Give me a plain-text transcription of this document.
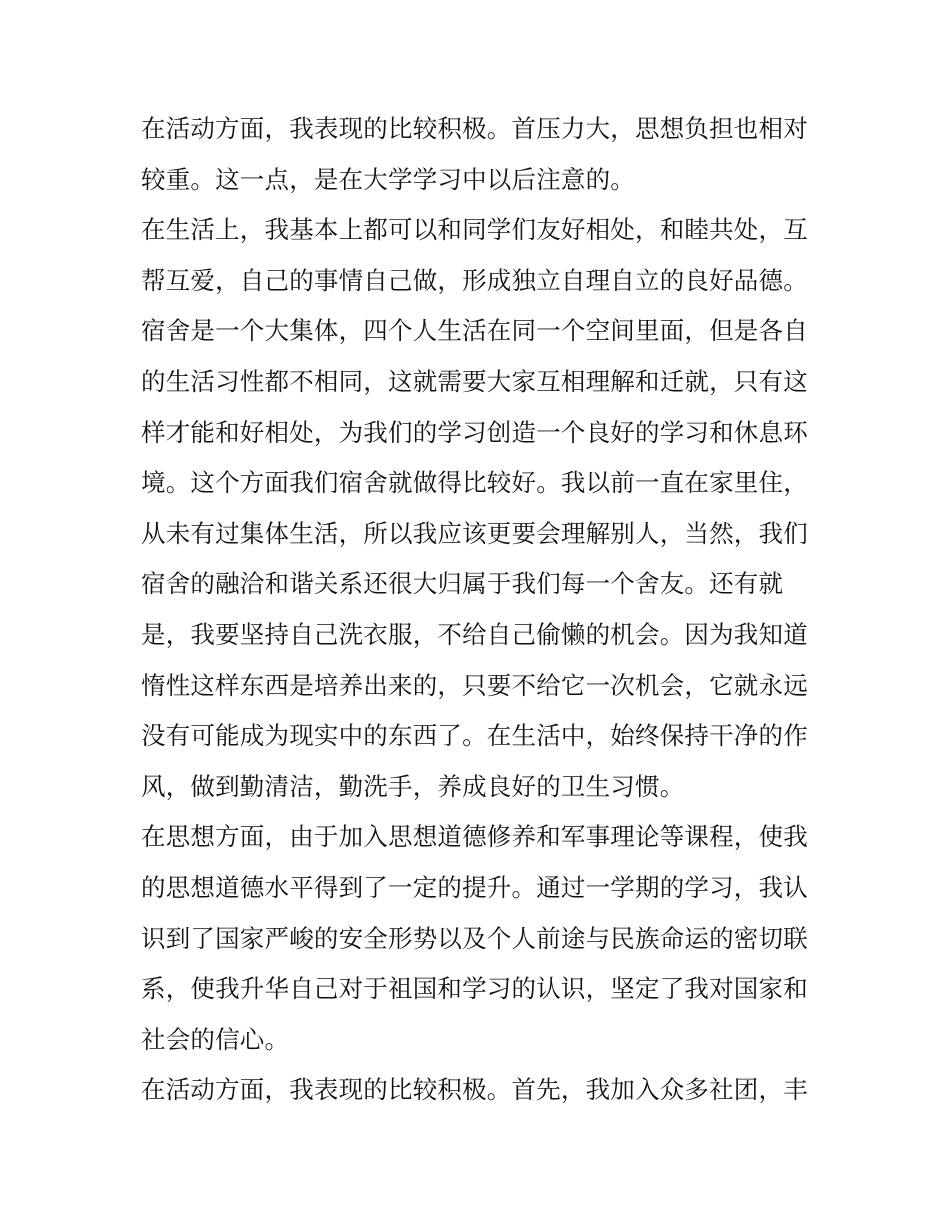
在活动方面，我表现的比较积极。首压力大，思想负担也相对

较重。这一点，是在大学学习中以后注意的。

在生活上，我基本上都可以和同学们友好相处，和睦共处，互

帮互爱，自己的事情自己做，形成独立自理自立的良好品德。

宿舍是一个大集体，四个人生活在同一个空间里面，但是各自

的生活习性都不相同，这就需要大家互相理解和迁就，只有这

样才能和好相处，为我们的学习创造一个良好的学习和休息环

境。这个方面我们宿舍就做得比较好。我以前一直在家里住，

从未有过集体生活，所以我应该更要会理解别人，当然，我们

宿舍的融洽和谐关系还很大归属于我们每一个舍友。还有就

是，我要坚持自己洗衣服，不给自己偷懒的机会。因为我知道

惰性这样东西是培养出来的，只要不给它一次机会，它就永远

没有可能成为现实中的东西了。在生活中，始终保持干净的作

风，做到勤清洁，勤洗手，养成良好的卫生习惯。

在思想方面，由于加入思想道德修养和军事理论等课程，使我

的思想道德水平得到了一定的提升。通过一学期的学习，我认

识到了国家严峻的安全形势以及个人前途与民族命运的密切联

系，使我升华自己对于祖国和学习的认识，坚定了我对国家和

社会的信心。

在活动方面，我表现的比较积极。首先，我加入众多社团，丰
